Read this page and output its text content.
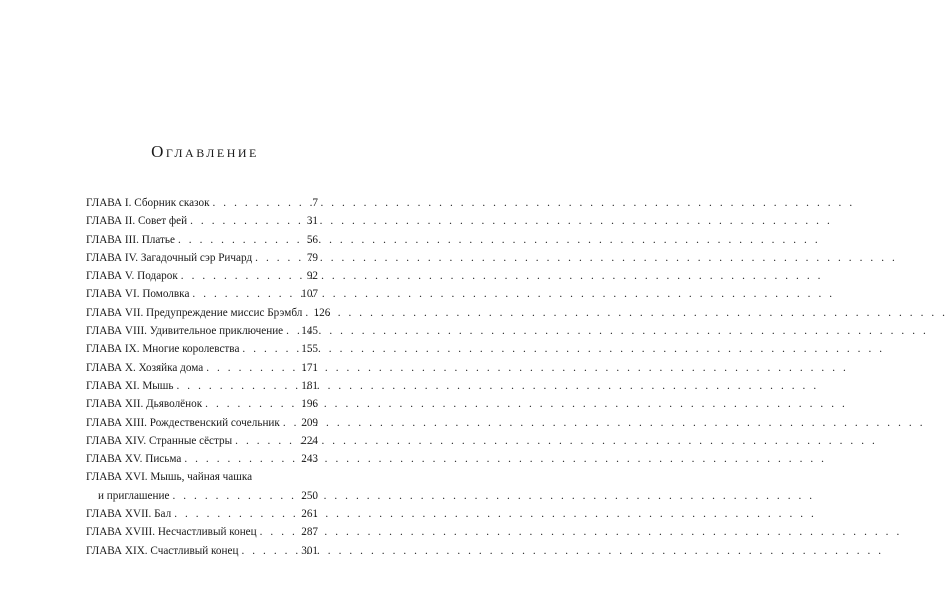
Оглавление
ГЛАВА I. Сборник сказок . . .	7
ГЛАВА II. Совет фей . . .	31
ГЛАВА III. Платье . . .	56
ГЛАВА IV. Загадочный сэр Ричард . . .	79
ГЛАВА V. Подарок . . .	92
ГЛАВА VI. Помолвка . . .	107
ГЛАВА VII. Предупреждение миссис Брэмбл . . .	126
ГЛАВА VIII. Удивительное приключение . . .	145
ГЛАВА IX. Многие королевства . . .	155
ГЛАВА X. Хозяйка дома . . .	171
ГЛАВА XI. Мышь . . .	181
ГЛАВА XII. Дьяволёнок . . .	196
ГЛАВА XIII. Рождественский сочельник . . .	209
ГЛАВА XIV. Странные сёстры . . .	224
ГЛАВА XV. Письма . . .	243
ГЛАВА XVI. Мышь, чайная чашка
и приглашение . . .	250
ГЛАВА XVII. Бал . . .	261
ГЛАВА XVIII. Несчастливый конец . . .	287
ГЛАВА XIX. Счастливый конец . . .	301
